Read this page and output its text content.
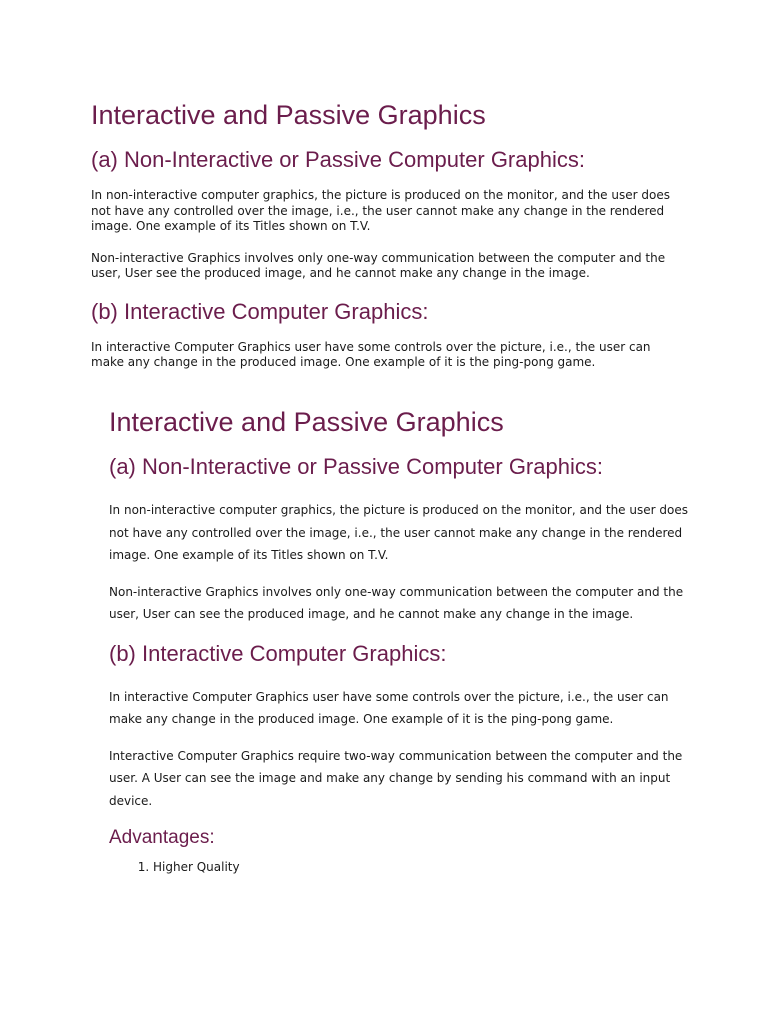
Interactive and Passive Graphics
(a) Non-Interactive or Passive Computer Graphics:

In non-interactive computer graphics, the picture is produced on the monitor, and the user does not have any controlled over the image, i.e., the user cannot make any change in the rendered image. One example of its Titles shown on T.V.

Non-interactive Graphics involves only one-way communication between the computer and the user, User see the produced image, and he cannot make any change in the image.

(b) Interactive Computer Graphics:

In interactive Computer Graphics user have some controls over the picture, i.e., the user can make any change in the produced image. One example of it is the ping-pong game.

Interactive and Passive Graphics
(a) Non-Interactive or Passive Computer Graphics:

In non-interactive computer graphics, the picture is produced on the monitor, and the user does not have any controlled over the image, i.e., the user cannot make any change in the rendered image. One example of its Titles shown on T.V.

Non-interactive Graphics involves only one-way communication between the computer and the user, User can see the produced image, and he cannot make any change in the image.

(b) Interactive Computer Graphics:

In interactive Computer Graphics user have some controls over the picture, i.e., the user can make any change in the produced image. One example of it is the ping-pong game.

Interactive Computer Graphics require two-way communication between the computer and the user. A User can see the image and make any change by sending his command with an input device.

Advantages:
1. Higher Quality
